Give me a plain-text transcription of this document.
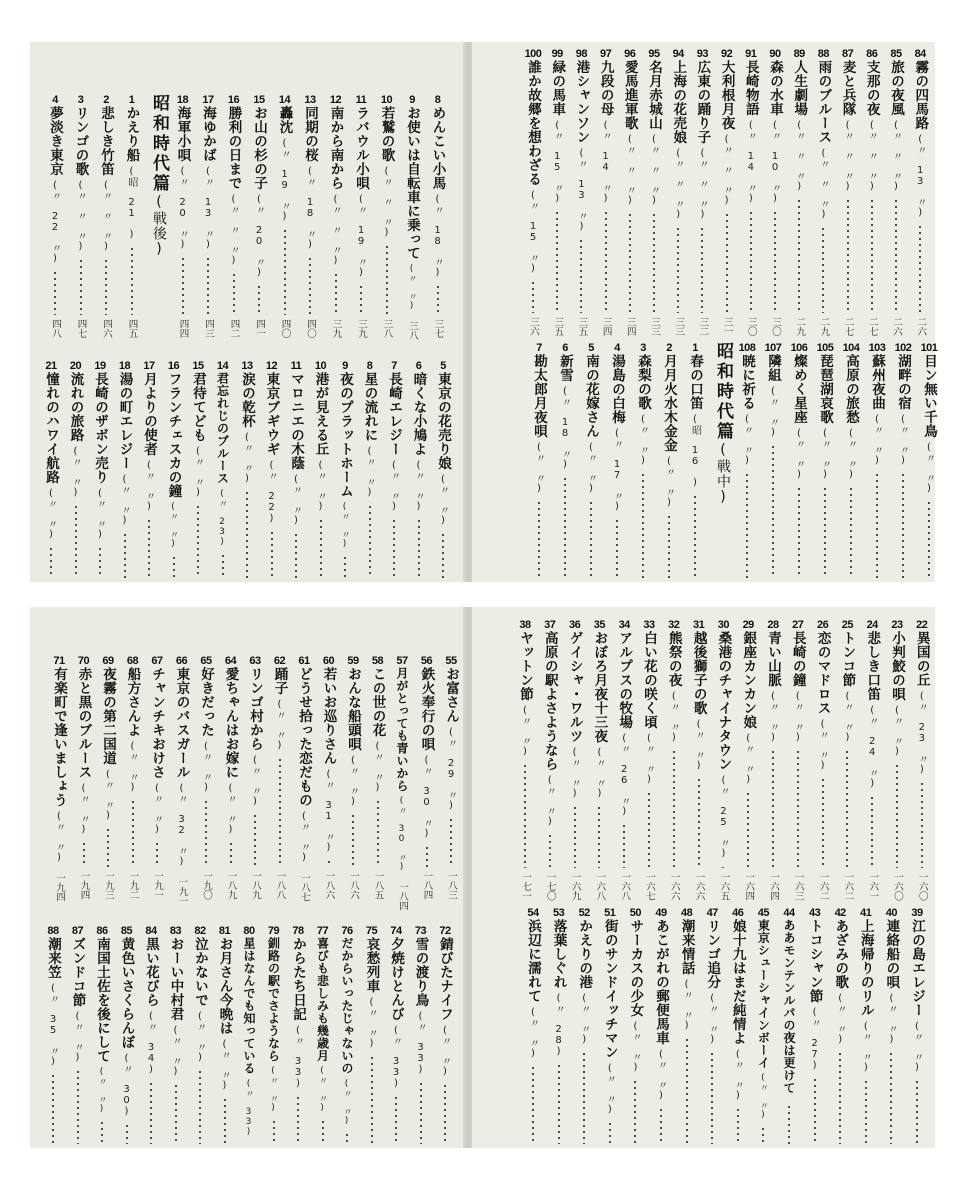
4
夢淡き東京
(〃　22　〃)
四八
3
リンゴの歌
(〃　〃　〃)
四七
2
悲しき竹笛
(〃　〃　〃)
四六
1
かえり船
(昭　21　)
四五
昭和時代篇(戦後)
18
海軍小唄
(〃　20　〃)
四四
17
海ゆかば
(〃　13　〃)
四三
16
勝利の日まで
(〃　〃　〃)
四二
15
お山の杉の子
(〃　20　〃)
四一
14
轟沈
(〃　19　〃)
四〇
13
同期の桜
(〃　18　〃)
四〇
12
南から南から
(〃　〃　〃)
三九
11
ラバウル小唄
(〃　19　〃)
三九
10
若鷲の歌
(〃　〃　〃)
三八
9
お使いは自転車に乗って
(〃　〃)
三八
8
めんこい小馬
(〃　18　〃)
三七
21
憧れのハワイ航路
(〃　〃)
20
流れの旅路
(〃　〃)
19
長崎のザボン売り
(〃　〃)
18
湯の町エレジー
(〃　〃)
17
月よりの使者
(〃　〃)
16
フランチェスカの鐘
(〃　〃)
15
君待てども
(〃　〃)
14
君忘れじのブルース
(〃　23)
13
涙の乾杯
(〃　〃)
12
東京ブギウギ
(〃　22)
11
マロニエの木蔭
(〃　〃)
10
港が見える丘
(〃　〃)
9
夜のプラットホーム
(〃　〃)
8
星の流れに
(〃　〃)
7
長崎エレジー
(〃　〃)
6
暗くな小鳩よ
(〃　〃)
5
東京の花売り娘
(〃　〃)
100
誰か故郷を想わざる
(〃　15　〃)
三六
99
緑の馬車
(〃　15　〃)
三五
98
港シャンソン
(〃　13　〃)
三五
97
九段の母
(〃　14　〃)
三四
96
愛馬進軍歌
(〃　〃　〃)
三四
95
名月赤城山
(〃　〃　〃)
三三
94
上海の花売娘
(〃　〃　〃)
三三
93
広東の踊り子
(〃　〃　〃)
三二
92
大利根月夜
(〃　〃　〃)
三一
91
長崎物語
(〃　14　〃)
三〇
90
森の水車
(〃　10　〃)
三〇
89
人生劇場
(〃　〃　〃)
二九
88
雨のブルース
(〃　〃　〃)
二九
87
麦と兵隊
(〃　〃　〃)
二七
86
支那の夜
(〃　〃　〃)
二七
85
旅の夜風
(〃　〃　〃)
二六
84
霧の四馬路
(〃　13　〃)
二六
7
勘太郎月夜唄
(〃　〃)
6
新雪
(〃　18　〃)
5
南の花嫁さん
(〃　〃)
4
湯島の白梅
(〃　17　〃)
3
森梨の歌
(〃　〃)
2
月月火水木金金
(〃　〃)
1
春の口笛
(昭　16　)
昭和時代篇(戦中)
108
暁に祈る
(〃　〃)
107
隣組
(〃　〃)
106
燦めく星座
(〃　〃)
105
琵琶湖哀歌
(〃　〃)
104
高原の旅愁
(〃　〃)
103
蘇州夜曲
(〃　〃)
102
湖畔の宿
(〃　〃)
101
目ン無い千鳥
(〃　〃)
71
有楽町で逢いましょう
(〃　〃)
一九四
70
赤と黒のブルース
(〃　〃)
一九四
69
夜霧の第二国道
(〃　〃)
一九三
68
船方さんよ
(〃　〃)
一九二
67
チャンチキおけさ
(〃　〃)
一九一
66
東京のバスガール
(〃　32　〃)
一九一
65
好きだった
(〃　〃)
一九〇
64
愛ちゃんはお嫁に
(〃　〃)
一八九
63
リンゴ村から
(〃　〃)
一八九
62
踊子
(〃　〃)
一八八
61
どうせ拾った恋だもの
(〃　〃)
一八七
60
若いお巡りさん
(〃　31　〃)
一八六
59
おんな船頭唄
(〃　〃)
一八六
58
この世の花
(〃　〃)
一八五
57
月がとっても青いから
(〃　30　〃)
一八四
56
鉄火奉行の唄
(〃　30　〃)
一八四
55
お富さん
(〃　29　〃)
一八三
88
潮来笠
(〃　35　〃)
87
ズンドコ節
(〃　〃)
86
南国土佐を後にして
(〃　〃)
85
黄色いさくらんぼ
(〃　30)
84
黒い花びら
(〃　34)
83
おーい中村君
(〃　〃)
82
泣かないで
(〃　〃)
81
お月さん今晩は
(〃　〃)
80
星はなんでも知っている
(〃　33)
79
釧路の駅でさようなら
(〃　〃)
78
からたち日記
(〃　33)
77
喜びも悲しみも幾歳月
(〃　〃)
76
だからいったじゃないの
(〃　〃)
75
哀愁列車
(〃　〃)
74
夕焼けとんび
(〃　33)
73
雪の渡り鳥
(〃　33)
72
錆びたナイフ
(〃　〃)
38
ヤットン節
(〃　〃)
一七一
37
高原の駅よさようなら
(〃　〃)
一七〇
36
ゲイシャ・ワルツ
(〃　〃)
一六九
35
おぼろ月夜十三夜
(〃　〃)
一六八
34
アルプスの牧場
(〃　26　〃)
一六八
33
白い花の咲く頃
(〃　〃)
一六七
32
熊祭の夜
(〃　〃)
一六六
31
越後獅子の歌
(〃　〃)
一六六
30
桑港のチャイナタウン
(〃　25　〃)
一六五
29
銀座カンカン娘
(〃　〃)
一六四
28
青い山脈
(〃　〃)
一六四
27
長崎の鐘
(〃　〃)
一六三
26
恋のマドロス
(〃　〃)
一六二
25
トンコ節
(〃　〃)
一六二
24
悲しき口笛
(〃　24　〃)
一六一
23
小判鮫の唄
(〃　〃)
一六〇
22
異国の丘
(〃　23　〃)
一六〇
54
浜辺に濡れて
(〃　〃)
53
落葉しぐれ
(〃　28)
52
かえりの港
(〃　〃)
51
街のサンドイッチマン
(〃　〃)
50
サーカスの少女
(〃　〃)
49
あこがれの郵便馬車
(〃　〃)
48
潮来情話
(〃　〃)
47
リンゴ追分
(〃　〃)
46
娘十九はまだ純情よ
(〃　〃)
45
東京シューシャインボーイ
(〃　〃)
44
ああモンテンルパの夜は更けて
43
トコシャン節
(〃　27)
42
あざみの歌
(〃　〃)
41
上海帰りのリル
(〃　〃)
40
連絡船の唄
(〃　〃)
39
江の島エレジー
(〃　〃)
